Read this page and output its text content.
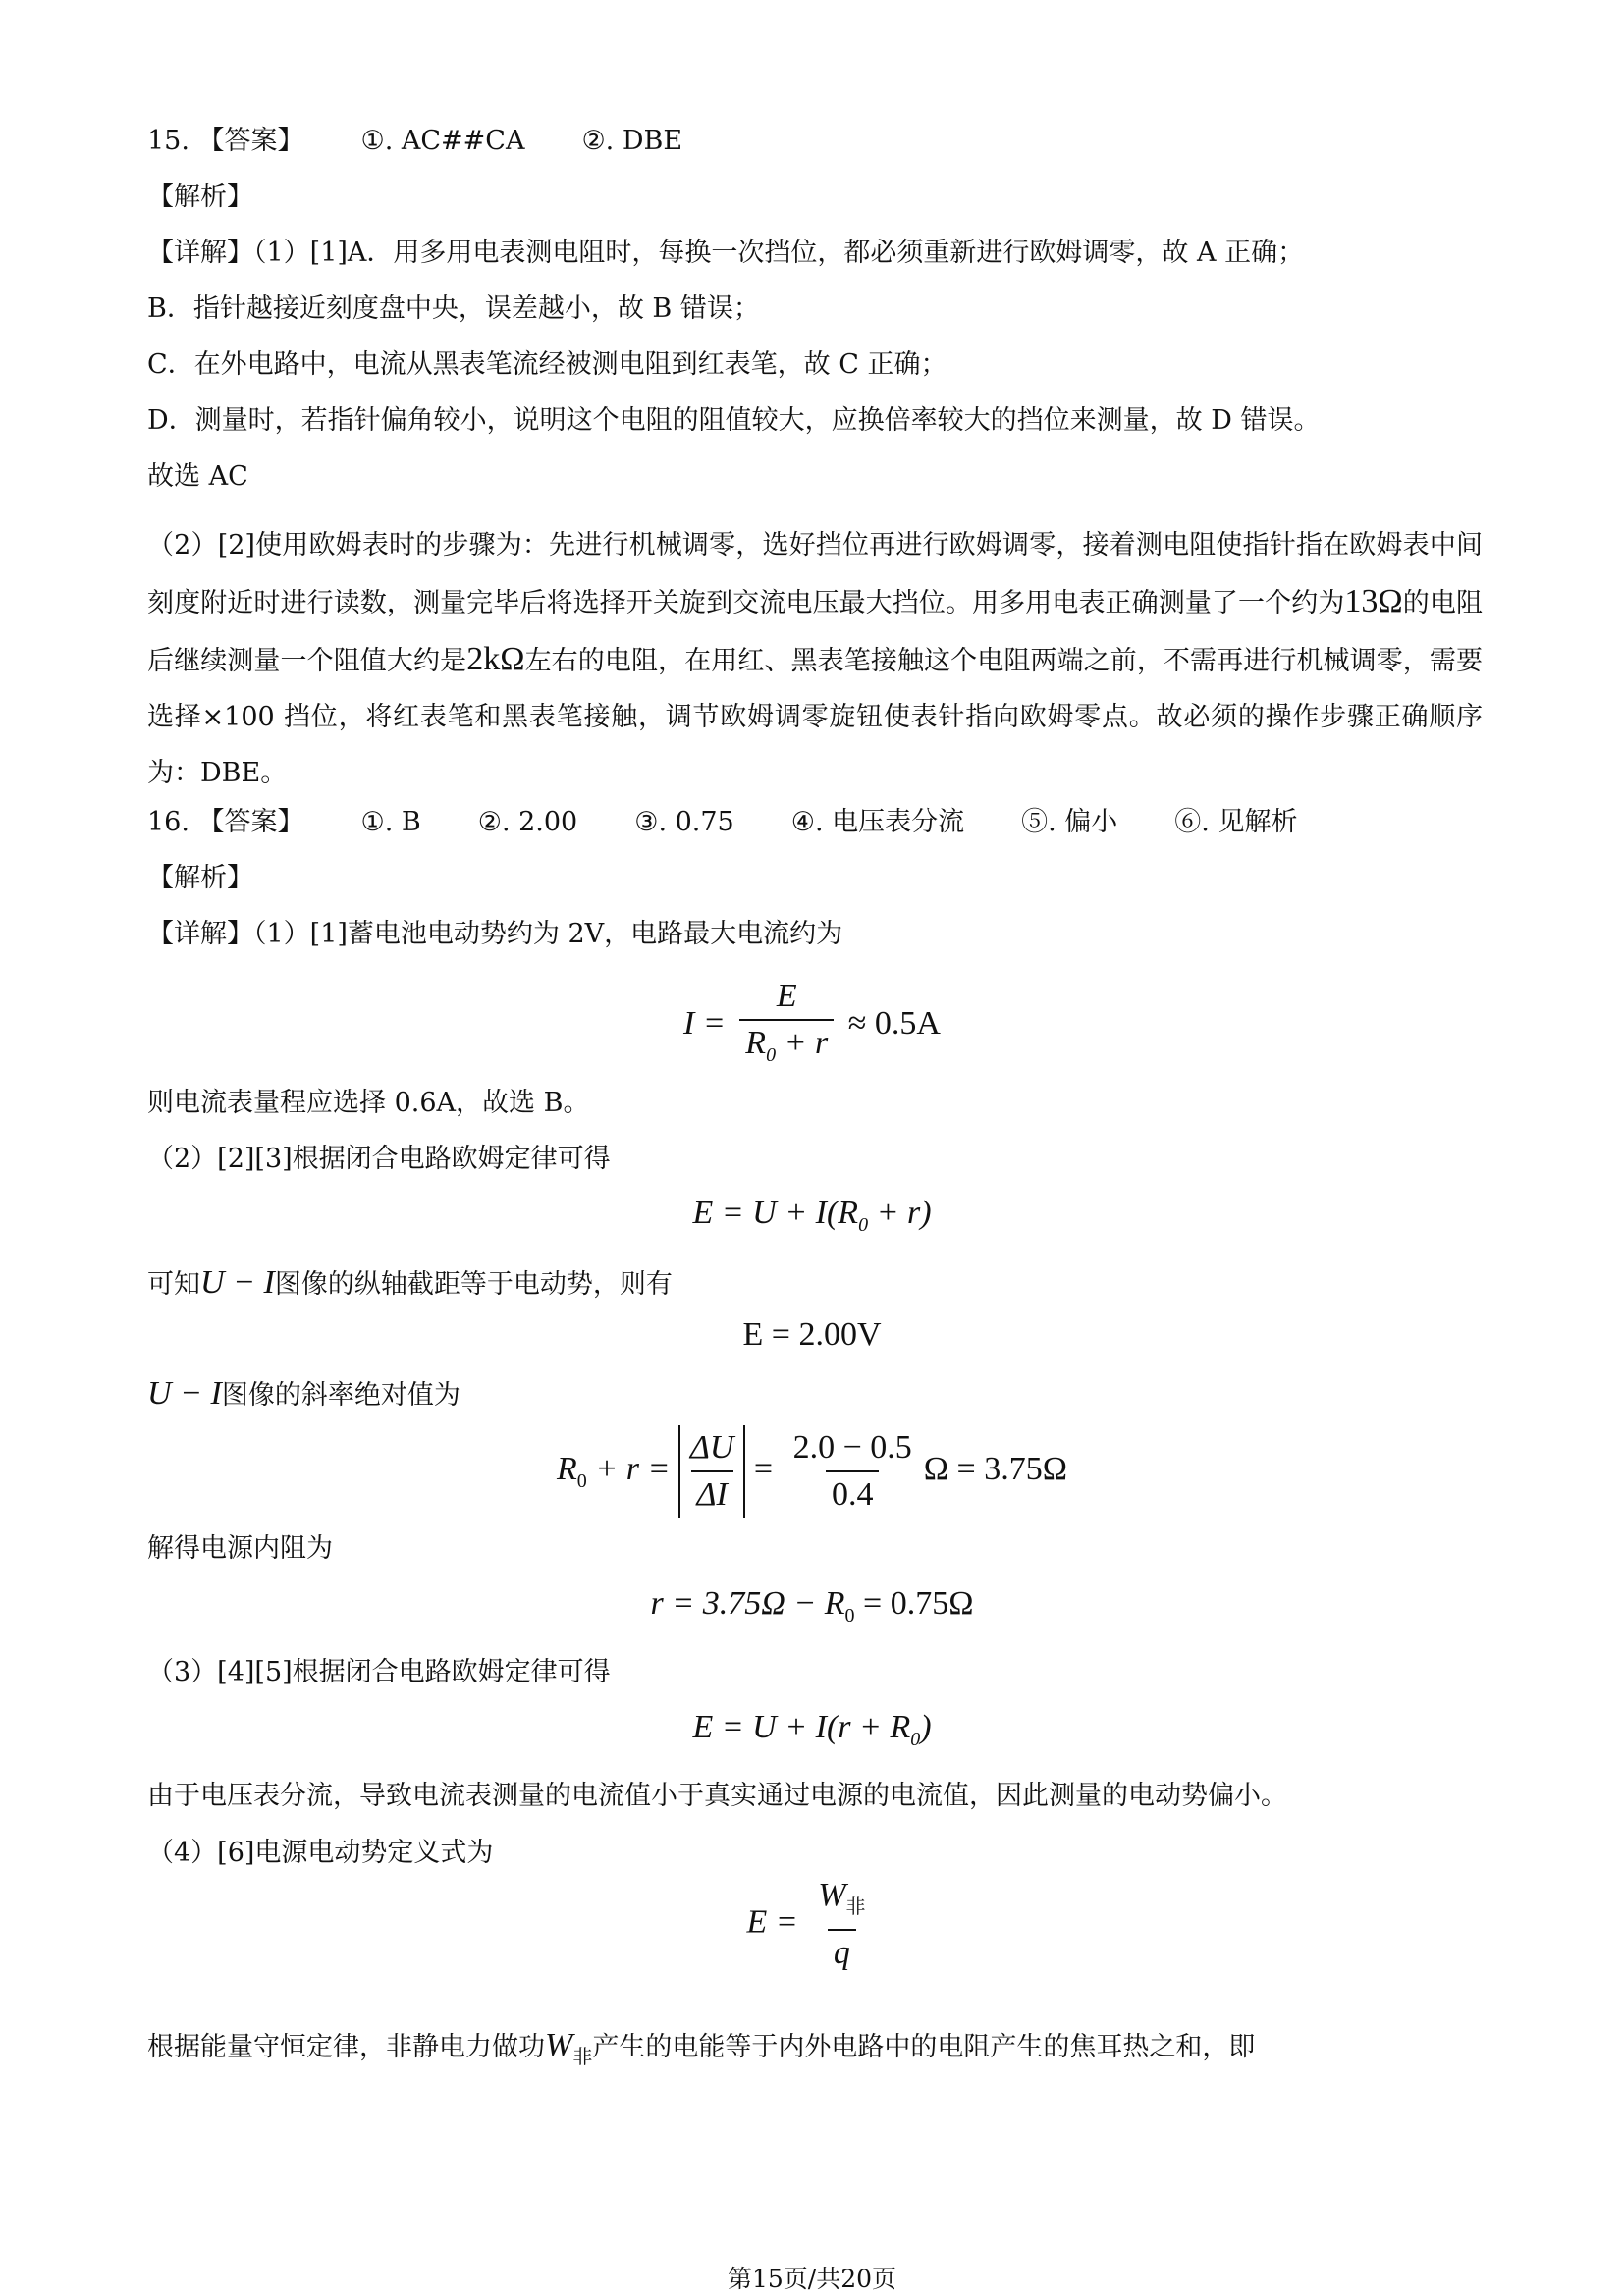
15. 【答案】 ①. AC##CA ②. DBE
【解析】
【详解】（1）[1]A．用多用电表测电阻时，每换一次挡位，都必须重新进行欧姆调零，故 A 正确；
B．指针越接近刻度盘中央，误差越小，故 B 错误；
C．在外电路中，电流从黑表笔流经被测电阻到红表笔，故 C 正确；
D．测量时，若指针偏角较小，说明这个电阻的阻值较大，应换倍率较大的挡位来测量，故 D 错误。
故选 AC
（2）[2]使用欧姆表时的步骤为：先进行机械调零，选好挡位再进行欧姆调零，接着测电阻使指针指在欧姆表中间刻度附近时进行读数，测量完毕后将选择开关旋到交流电压最大挡位。用多用电表正确测量了一个约为13Ω的电阻后继续测量一个阻值大约是2kΩ左右的电阻，在用红、黑表笔接触这个电阻两端之前，不需再进行机械调零，需要选择×100 挡位，将红表笔和黑表笔接触，调节欧姆调零旋钮使表针指向欧姆零点。故必须的操作步骤正确顺序为：DBE。
16. 【答案】 ①. B ②. 2.00 ③. 0.75 ④. 电压表分流 ⑤. 偏小 ⑥. 见解析
【解析】
【详解】（1）[1]蓄电池电动势约为 2V，电路最大电流约为
$I = \frac{E}{R_0 + r} \approx 0.5A$
则电流表量程应选择 0.6A，故选 B。
（2）[2][3]根据闭合电路欧姆定律可得
$E = U + I(R_0 + r)$
可知U − I图像的纵轴截距等于电动势，则有
E = 2.00V
U − I图像的斜率绝对值为
$R_0 + r = \frac{\Delta U}{\Delta I} = \frac{2.0 - 0.5}{0.4}$ Ω = 3.75Ω
解得电源内阻为
$r = 3.75\Omega - R_0 = 0.75\Omega$
（3）[4][5]根据闭合电路欧姆定律可得
$E = U + I(r + R_0)$
由于电压表分流，导致电流表测量的电流值小于真实通过电源的电流值，因此测量的电动势偏小。
（4）[6]电源电动势定义式为
$E = \frac{W_非}{q}$
根据能量守恒定律，非静电力做功$W_非$产生的电能等于内外电路中的电阻产生的焦耳热之和，即
第15页/共20页
